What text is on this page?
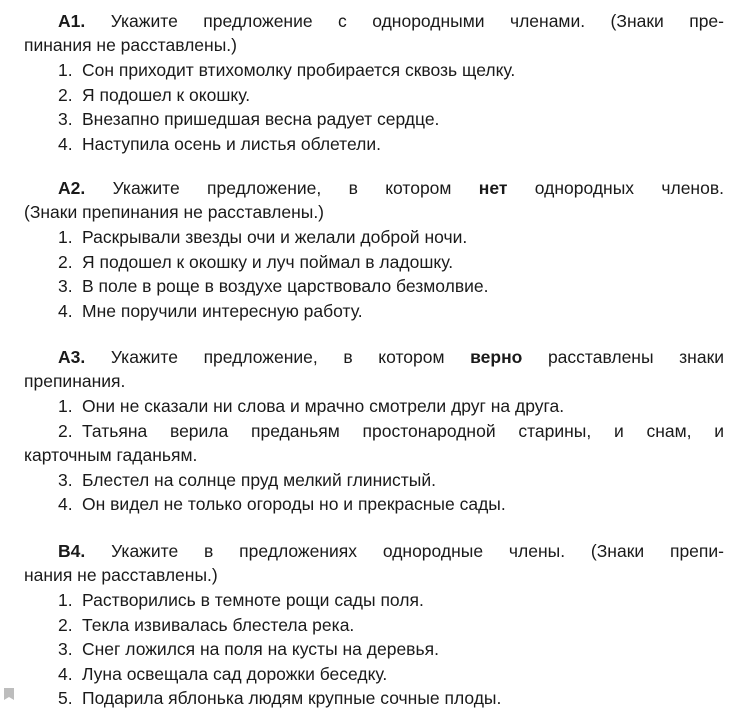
А1. Укажите предложение с однородными членами. (Знаки пре-
пинания не расставлены.)
1. Сон приходит втихомолку пробирается сквозь щелку.
2. Я подошел к окошку.
3. Внезапно пришедшая весна радует сердце.
4. Наступила осень и листья облетели.
А2. Укажите предложение, в котором нет однородных членов.
(Знаки препинания не расставлены.)
1. Раскрывали звезды очи и желали доброй ночи.
2. Я подошел к окошку и луч поймал в ладошку.
3. В поле в роще в воздухе царствовало безмолвие.
4. Мне поручили интересную работу.
А3. Укажите предложение, в котором верно расставлены знаки
препинания.
1. Они не сказали ни слова и мрачно смотрели друг на друга.
2. Татьяна верила преданьям простонародной старины, и снам, и
карточным гаданьям.
3. Блестел на солнце пруд мелкий глинистый.
4. Он видел не только огороды но и прекрасные сады.
В4. Укажите в предложениях однородные члены. (Знаки препи-
нания не расставлены.)
1. Растворились в темноте рощи сады поля.
2. Текла извивалась блестела река.
3. Снег ложился на поля на кусты на деревья.
4. Луна освещала сад дорожки беседку.
5. Подарила яблонька людям крупные сочные плоды.
